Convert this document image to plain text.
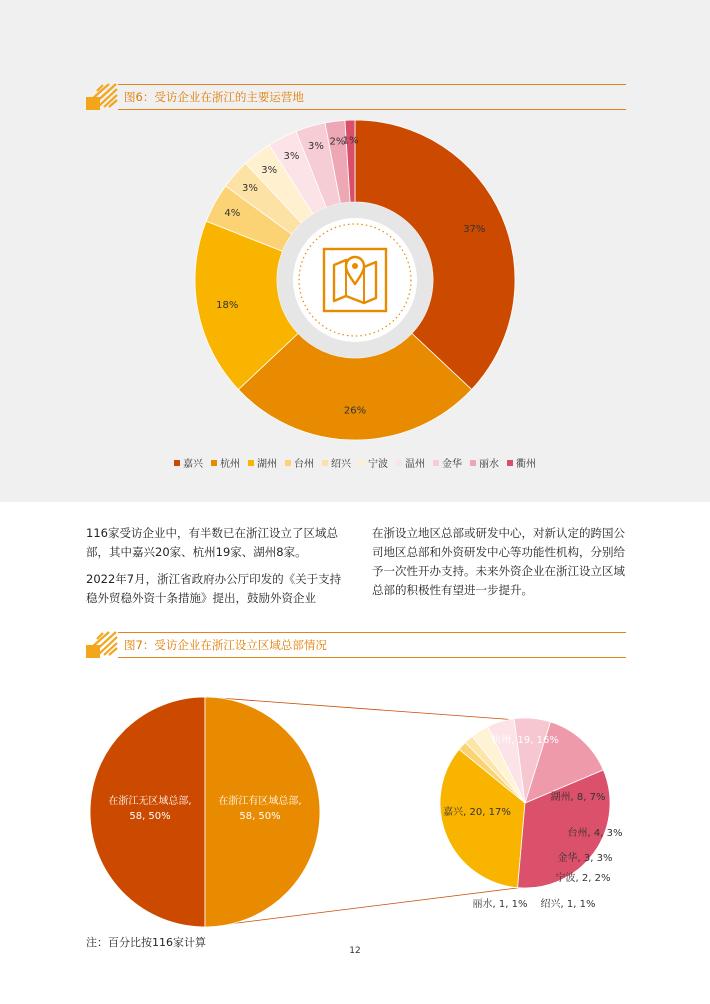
图6：受访企业在浙江的主要运营地
37%
26%
18%
4%
3%
3%
3%
3% 2%
1%
嘉兴 杭州 湖州 台州 绍兴 宁波 温州 金华 丽水 衢州

116家受访企业中，有半数已在浙江设立了区域总部，其中嘉兴20家、杭州19家、湖州8家。

2022年7月，浙江省政府办公厅印发的《关于支持稳外贸稳外资十条措施》提出，鼓励外资企业

在浙设立地区总部或研发中心，对新认定的跨国公司地区总部和外资研发中心等功能性机构，分别给予一次性开办支持。未来外资企业在浙江设立区域总部的积极性有望进一步提升。

图7：受访企业在浙江设立区域总部情况
在浙江无区域总部,
58, 50%
在浙江有区域总部,
58, 50%	嘉兴, 20, 17%
杭州, 19, 16%
湖州, 8, 7%
台州, 4, 3%
金华, 3, 3%
宁波, 2, 2%
绍兴, 1, 1%
丽水, 1, 1%
注：百分比按116家计算
12
